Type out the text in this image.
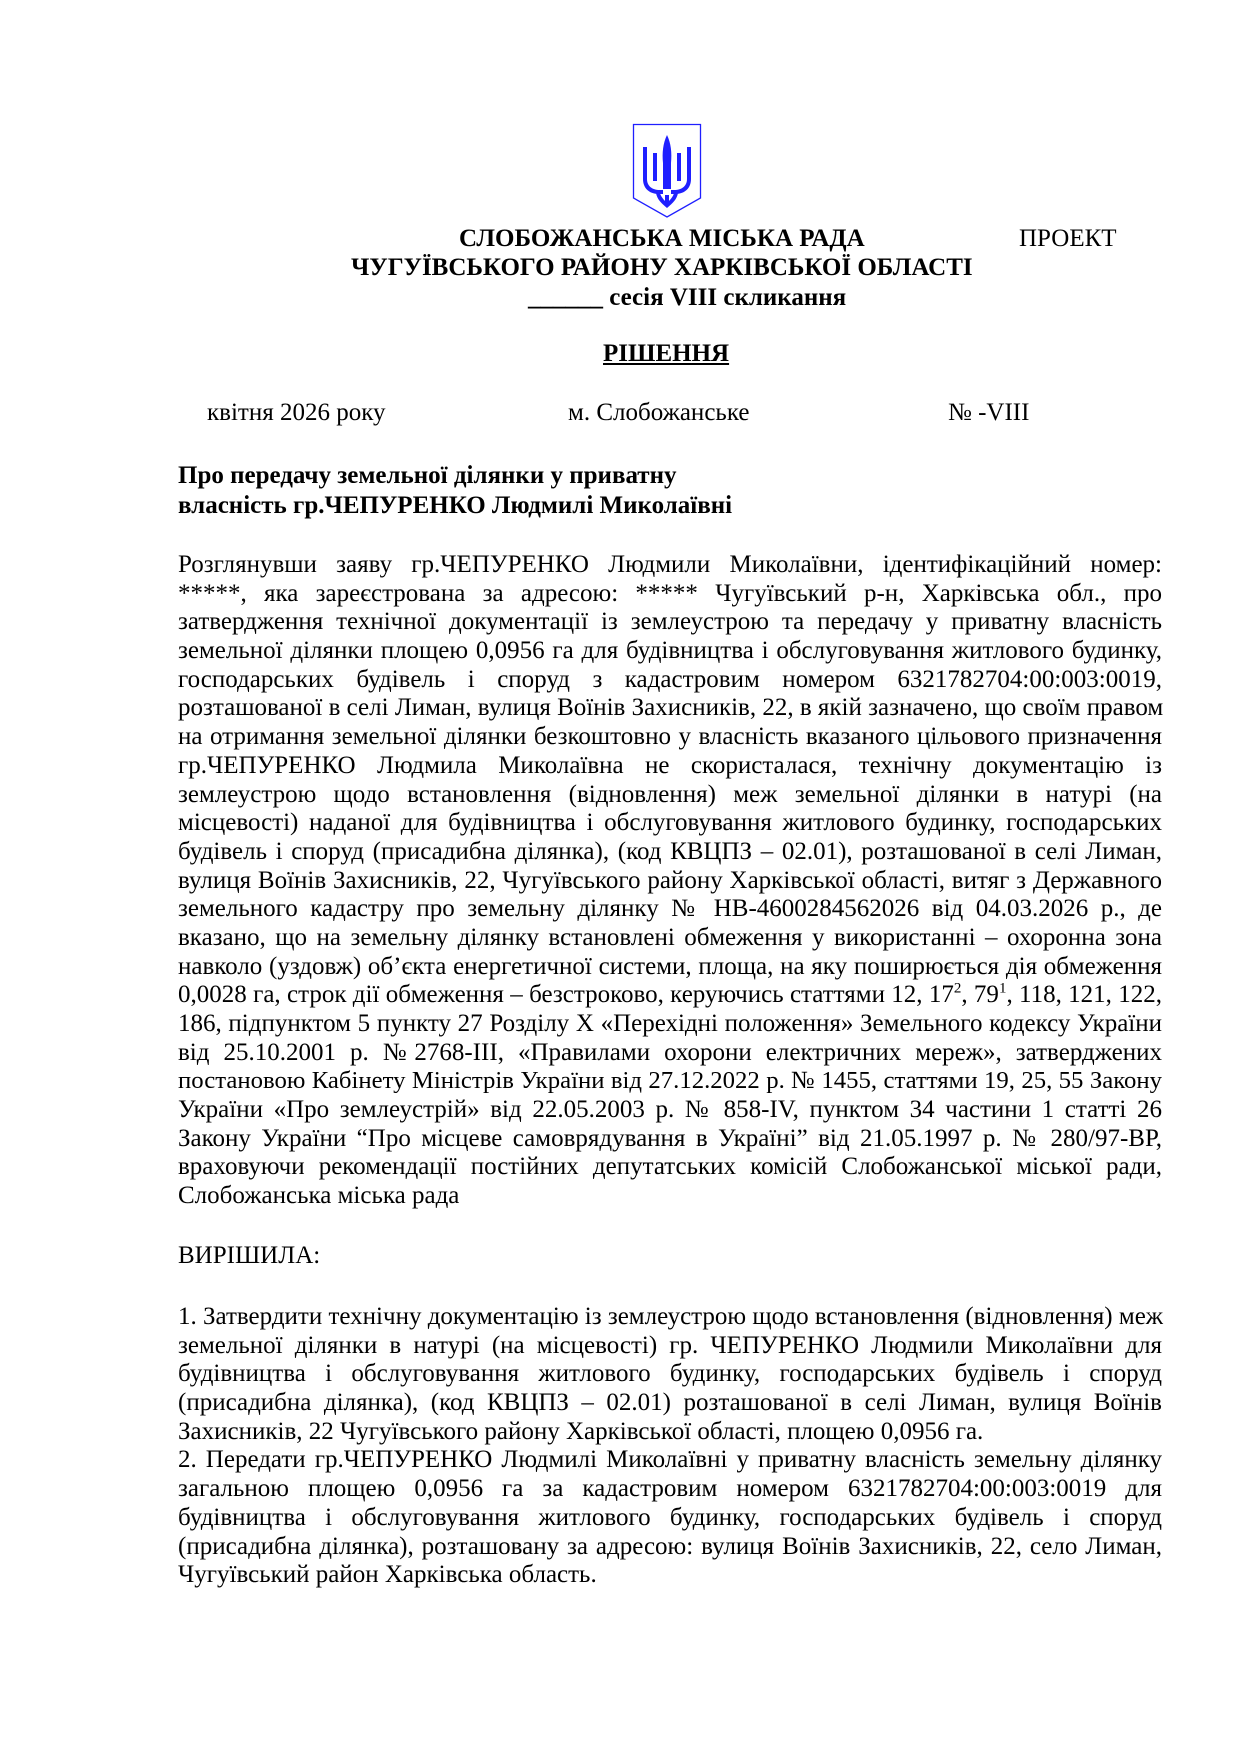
СЛОБОЖАНСЬКА МІСЬКА РАДА	ПРОЕКТ
ЧУГУЇВСЬКОГО РАЙОНУ ХАРКІВСЬКОЇ ОБЛАСТІ
______ сесія VIII скликання
РІШЕННЯ
квітня 2026 року	м. Слобожанське	№ -VIII
Про передачу земельної ділянки у приватну
власність гр.ЧЕПУРЕНКО Людмилі Миколаївні
Розглянувши заяву гр.ЧЕПУРЕНКО Людмили Миколаївни, ідентифікаційний номер:
*****, яка зареєстрована за адресою: ***** Чугуївський р-н, Харківська обл., про
затвердження технічної документації із землеустрою та передачу у приватну власність
земельної ділянки площею 0,0956 га для будівництва і обслуговування житлового будинку,
господарських будівель і споруд з кадастровим номером 6321782704:00:003:0019,
розташованої в селі Лиман, вулиця Воїнів Захисників, 22, в якій зазначено, що своїм правом
на отримання земельної ділянки безкоштовно у власність вказаного цільового призначення
гр.ЧЕПУРЕНКО Людмила Миколаївна не скористалася, технічну документацію із
землеустрою щодо встановлення (відновлення) меж земельної ділянки в натурі (на
місцевості) наданої для будівництва і обслуговування житлового будинку, господарських
будівель і споруд (присадибна ділянка), (код КВЦПЗ – 02.01), розташованої в селі Лиман,
вулиця Воїнів Захисників, 22, Чугуївського району Харківської області, витяг з Державного
земельного кадастру про земельну ділянку № НВ-4600284562026 від 04.03.2026 р., де
вказано, що на земельну ділянку встановлені обмеження у використанні – охоронна зона
навколо (уздовж) об’єкта енергетичної системи, площа, на яку поширюється дія обмеження
0,0028 га, строк дії обмеження – безстроково, керуючись статтями 12, $17^2$, $79^1$, 118, 121, 122,
186, підпунктом 5 пункту 27 Розділу Х «Перехідні положення» Земельного кодексу України
від 25.10.2001 р. №2768-ІІІ, «Правилами охорони електричних мереж», затверджених
постановою Кабінету Міністрів України від 27.12.2022 р. № 1455, статтями 19, 25, 55 Закону
України «Про землеустрій» від 22.05.2003 р. № 858-IV, пунктом 34 частини 1 статті 26
Закону України “Про місцеве самоврядування в Україні” від 21.05.1997 р. № 280/97-ВР,
враховуючи рекомендації постійних депутатських комісій Слобожанської міської ради,
Слобожанська міська рада
ВИРІШИЛА:
1. Затвердити технічну документацію із землеустрою щодо встановлення (відновлення) меж
земельної ділянки в натурі (на місцевості) гр. ЧЕПУРЕНКО Людмили Миколаївни для
будівництва і обслуговування житлового будинку, господарських будівель і споруд
(присадибна ділянка), (код КВЦПЗ – 02.01) розташованої в селі Лиман, вулиця Воїнів
Захисників, 22 Чугуївського району Харківської області, площею 0,0956 га.
2. Передати гр.ЧЕПУРЕНКО Людмилі Миколаївні у приватну власність земельну ділянку
загальною площею 0,0956 га за кадастровим номером 6321782704:00:003:0019 для
будівництва і обслуговування житлового будинку, господарських будівель і споруд
(присадибна ділянка), розташовану за адресою: вулиця Воїнів Захисників, 22, село Лиман,
Чугуївський район Харківська область.
